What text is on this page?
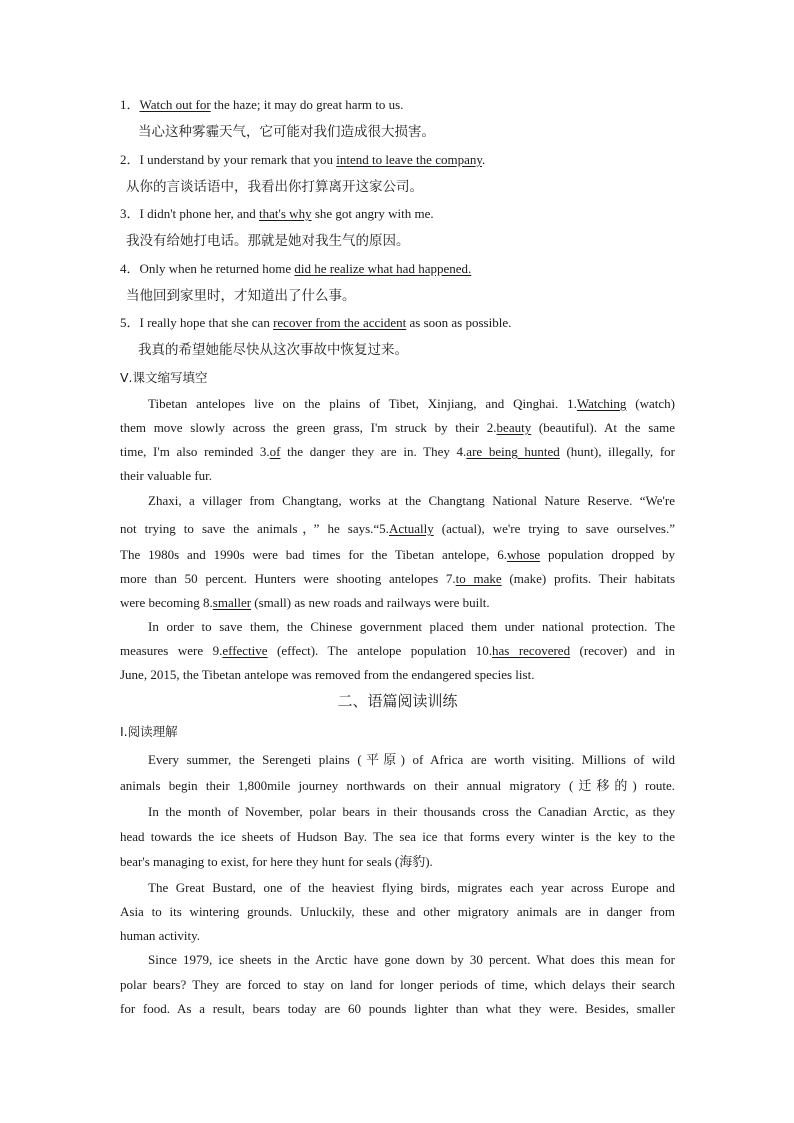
1．Watch out for the haze; it may do great harm to us.
当心这种雾霾天气，它可能对我们造成很大损害。
2．I understand by your remark that you intend to leave the company.
从你的言谈话语中，我看出你打算离开这家公司。
3．I didn't phone her, and that's why she got angry with me.
我没有给她打电话。那就是她对我生气的原因。
4．Only when he returned home did he realize what had happened.
当他回到家里时，才知道出了什么事。
5．I really hope that she can recover from the accident as soon as possible.
我真的希望她能尽快从这次事故中恢复过来。
Ⅴ.课文缩写填空
Tibetan antelopes live on the plains of Tibet, Xinjiang, and Qinghai. 1.Watching (watch)
them move slowly across the green grass, I'm struck by their 2.beauty (beautiful). At the same
time, I'm also reminded 3.of the danger they are in. They 4.are being hunted (hunt), illegally, for
their valuable fur.
Zhaxi, a villager from Changtang, works at the Changtang National Nature Reserve. “We're
not trying to save the animals，” he says.“5.Actually (actual), we're trying to save ourselves.”
The 1980s and 1990s were bad times for the Tibetan antelope, 6.whose population dropped by
more than 50 percent. Hunters were shooting antelopes 7.to make (make) profits. Their habitats
were becoming 8.smaller (small) as new roads and railways were built.
In order to save them, the Chinese government placed them under national protection. The
measures were 9.effective (effect). The antelope population 10.has recovered (recover) and in
June, 2015, the Tibetan antelope was removed from the endangered species list.
二、语篇阅读训练
Ⅰ.阅读理解
Every summer, the Serengeti plains (平原) of Africa are worth visiting. Millions of wild
animals begin their 1,800mile journey northwards on their annual migratory (迁移的) route.
In the month of November, polar bears in their thousands cross the Canadian Arctic, as they
head towards the ice sheets of Hudson Bay. The sea ice that forms every winter is the key to the
bear's managing to exist, for here they hunt for seals (海豹).
The Great Bustard, one of the heaviest flying birds, migrates each year across Europe and
Asia to its wintering grounds. Unluckily, these and other migratory animals are in danger from
human activity.
Since 1979, ice sheets in the Arctic have gone down by 30 percent. What does this mean for
polar bears? They are forced to stay on land for longer periods of time, which delays their search
for food. As a result, bears today are 60 pounds lighter than what they were. Besides, smaller
